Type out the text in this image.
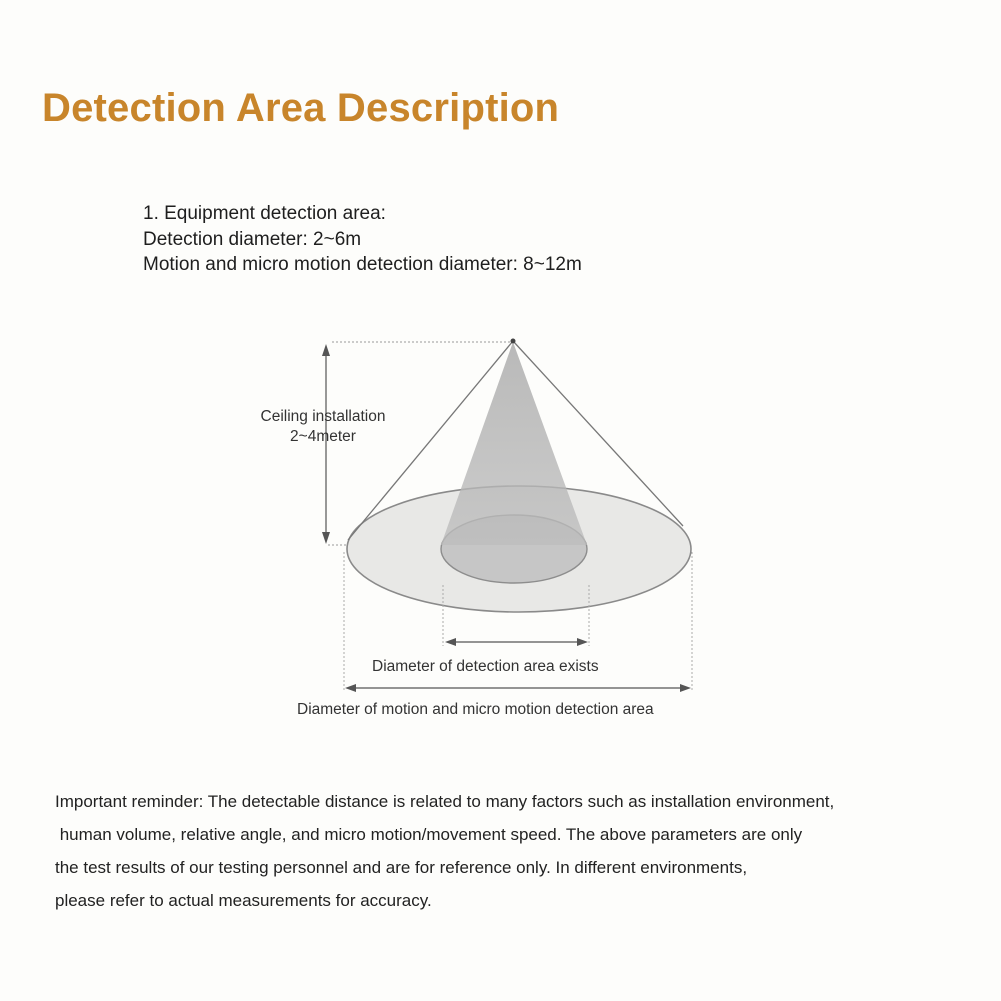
Detection Area Description
1. Equipment detection area:
Detection diameter: 2~6m
Motion and micro motion detection diameter: 8~12m
Ceiling installation
2~4meter
Diameter of detection area exists
Diameter of motion and micro motion detection area
Important reminder: The detectable distance is related to many factors such as installation environment,
human volume, relative angle, and micro motion/movement speed. The above parameters are only
the test results of our testing personnel and are for reference only. In different environments,
please refer to actual measurements for accuracy.
